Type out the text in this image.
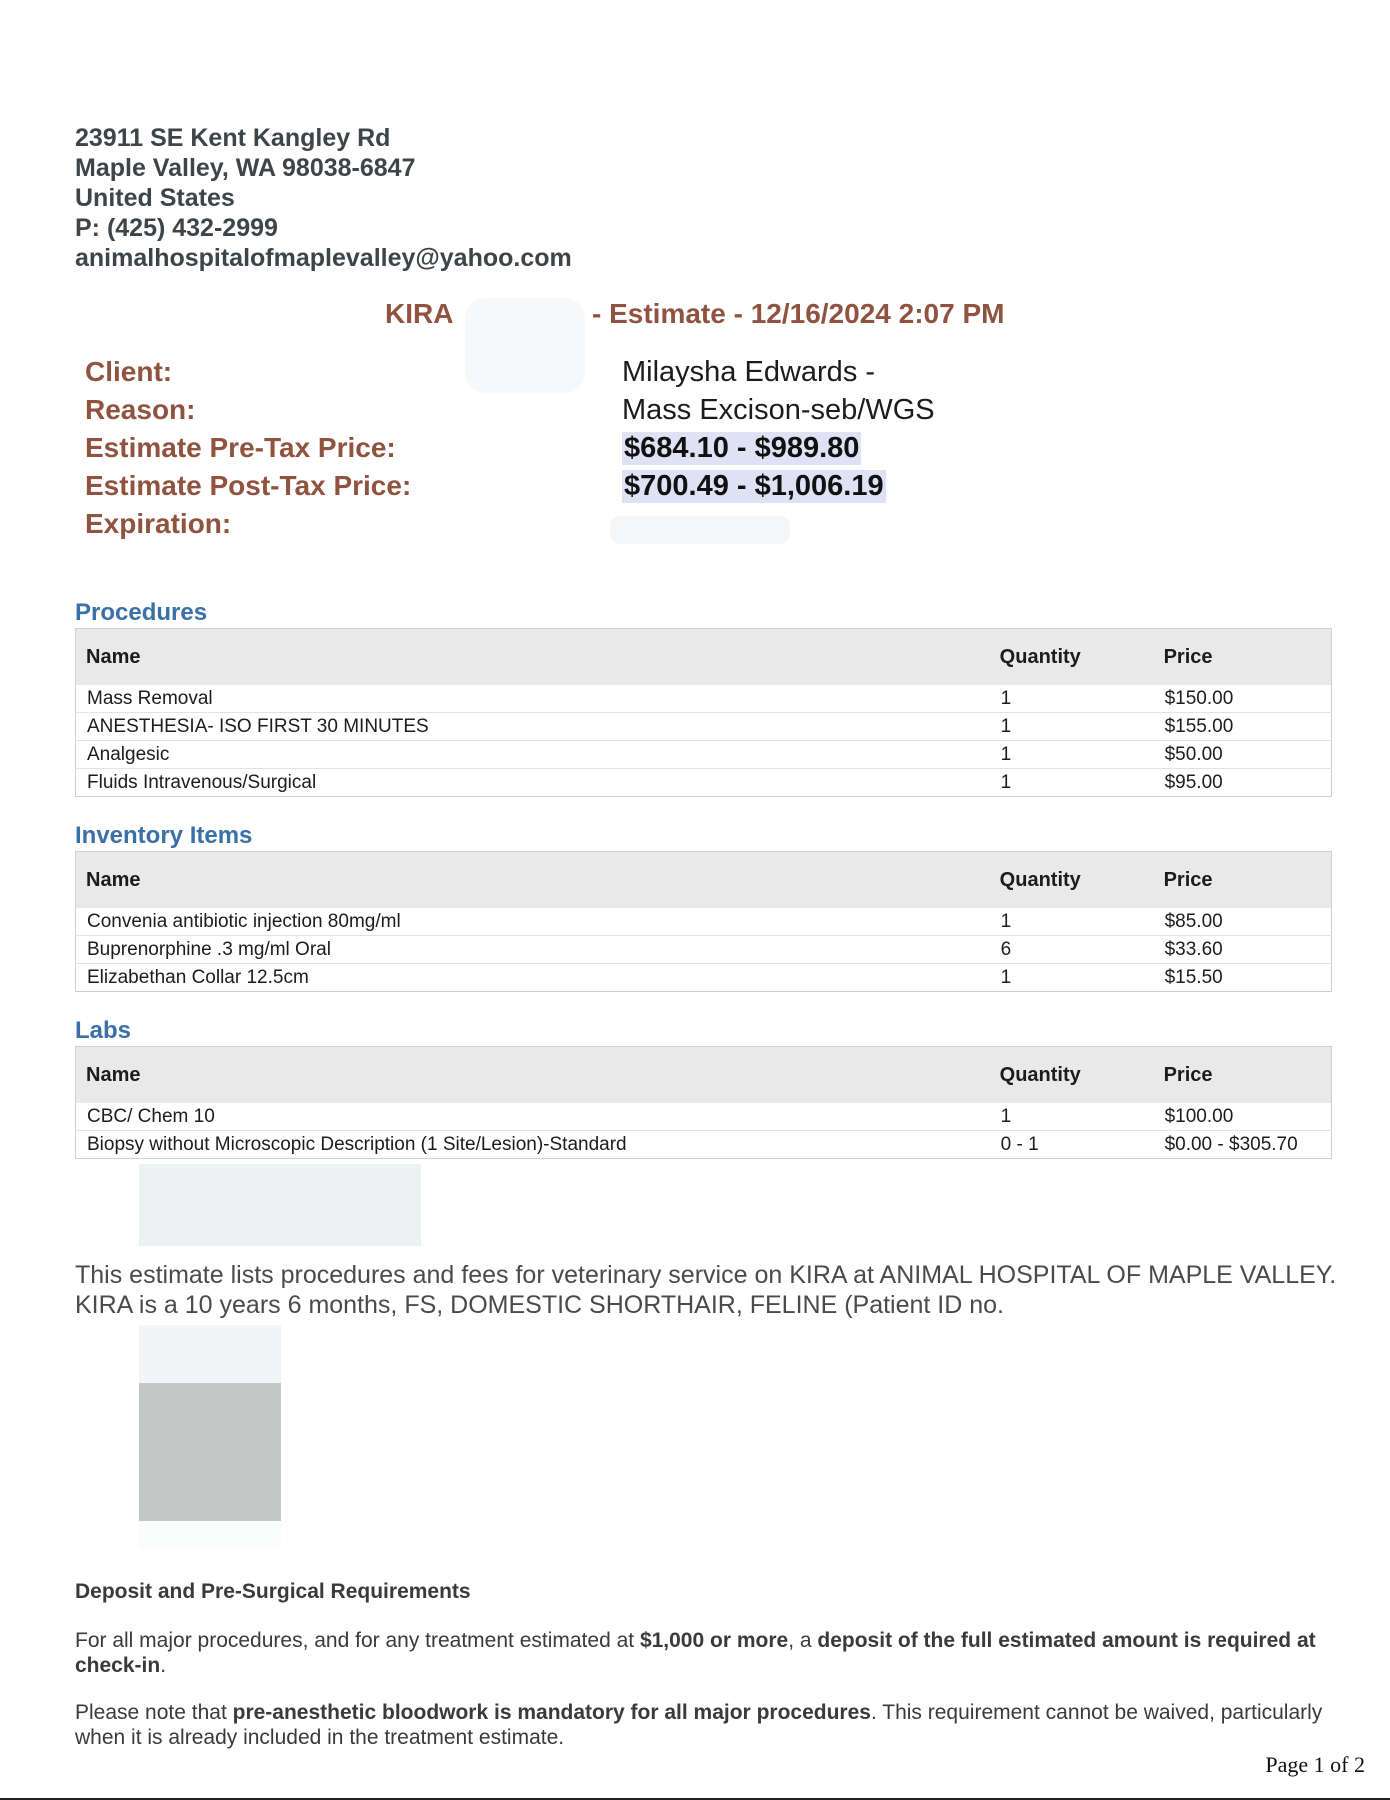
23911 SE Kent Kangley Rd
Maple Valley, WA 98038-6847
United States
P: (425) 432-2999
animalhospitalofmaplevalley@yahoo.com
KIRA	- Estimate - 12/16/2024 2:07 PM
Client:	Milaysha Edwards -
Reason:	Mass Excison-seb/WGS
Estimate Pre-Tax Price:	$684.10 - $989.80
Estimate Post-Tax Price:	$700.49 - $1,006.19
Expiration:
Procedures
Name	Quantity	Price
Mass Removal	1	$150.00
ANESTHESIA- ISO FIRST 30 MINUTES	1	$155.00
Analgesic	1	$50.00
Fluids Intravenous/Surgical	1	$95.00
Inventory Items
Name	Quantity	Price
Convenia antibiotic injection 80mg/ml	1	$85.00
Buprenorphine .3 mg/ml Oral	6	$33.60
Elizabethan Collar 12.5cm	1	$15.50
Labs
Name	Quantity	Price
CBC/ Chem 10	1	$100.00
Biopsy without Microscopic Description (1 Site/Lesion)-Standard	0 - 1	$0.00 - $305.70
This estimate lists procedures and fees for veterinary service on KIRA at ANIMAL HOSPITAL OF MAPLE VALLEY. KIRA is a 10 years 6 months, FS, DOMESTIC SHORTHAIR, FELINE (Patient ID no.
Deposit and Pre-Surgical Requirements
For all major procedures, and for any treatment estimated at $1,000 or more, a deposit of the full estimated amount is required at check-in.
Please note that pre-anesthetic bloodwork is mandatory for all major procedures. This requirement cannot be waived, particularly when it is already included in the treatment estimate.
Page 1 of 2
